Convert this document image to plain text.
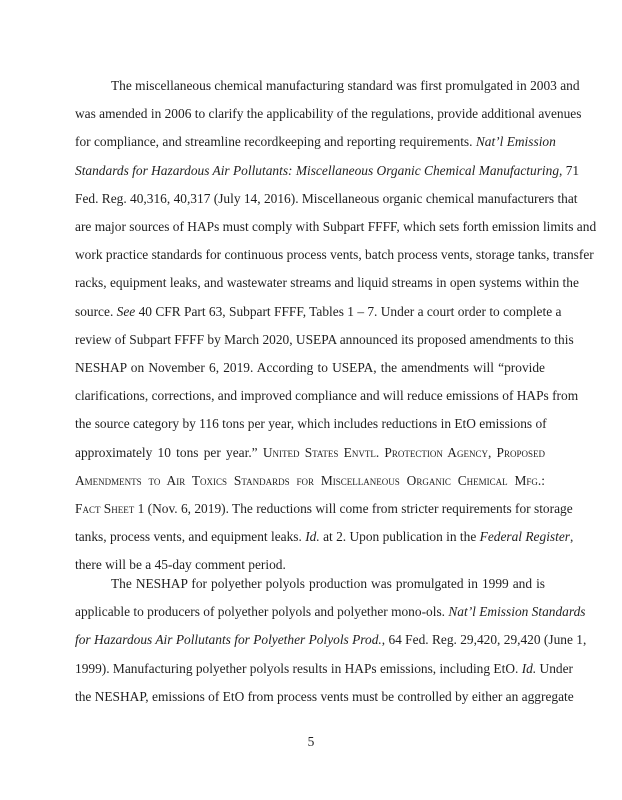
The miscellaneous chemical manufacturing standard was first promulgated in 2003 and
was amended in 2006 to clarify the applicability of the regulations, provide additional avenues
for compliance, and streamline recordkeeping and reporting requirements. Nat’l Emission
Standards for Hazardous Air Pollutants: Miscellaneous Organic Chemical Manufacturing, 71
Fed. Reg. 40,316, 40,317 (July 14, 2016). Miscellaneous organic chemical manufacturers that
are major sources of HAPs must comply with Subpart FFFF, which sets forth emission limits and
work practice standards for continuous process vents, batch process vents, storage tanks, transfer
racks, equipment leaks, and wastewater streams and liquid streams in open systems within the
source. See 40 CFR Part 63, Subpart FFFF, Tables 1 – 7. Under a court order to complete a
review of Subpart FFFF by March 2020, USEPA announced its proposed amendments to this
NESHAP on November 6, 2019. According to USEPA, the amendments will “provide
clarifications, corrections, and improved compliance and will reduce emissions of HAPs from
the source category by 116 tons per year, which includes reductions in EtO emissions of
approximately 10 tons per year.” United States Envtl. Protection Agency, Proposed
Amendments to Air Toxics Standards for Miscellaneous Organic Chemical Mfg.:
Fact Sheet 1 (Nov. 6, 2019). The reductions will come from stricter requirements for storage
tanks, process vents, and equipment leaks. Id. at 2. Upon publication in the Federal Register,
there will be a 45-day comment period.

The NESHAP for polyether polyols production was promulgated in 1999 and is
applicable to producers of polyether polyols and polyether mono-ols. Nat’l Emission Standards
for Hazardous Air Pollutants for Polyether Polyols Prod., 64 Fed. Reg. 29,420, 29,420 (June 1,
1999). Manufacturing polyether polyols results in HAPs emissions, including EtO. Id. Under
the NESHAP, emissions of EtO from process vents must be controlled by either an aggregate

5
